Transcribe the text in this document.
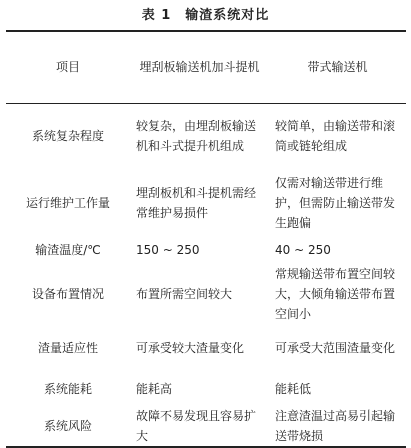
表 1 输渣系统对比
项目	埋刮板输送机加斗提机	带式输送机
系统复杂程度	较复杂，由埋刮板输送机和斗式提升机组成	较简单，由输送带和滚筒或链轮组成
运行维护工作量	埋刮板机和斗提机需经常维护易损件	仅需对输送带进行维护，但需防止输送带发生跑偏
输渣温度/℃	150 ~ 250	40 ~ 250
设备布置情况	布置所需空间较大	常规输送带布置空间较大，大倾角输送带布置空间小
渣量适应性	可承受较大渣量变化	可承受大范围渣量变化
系统能耗	能耗高	能耗低
系统风险	故障不易发现且容易扩大	注意渣温过高易引起输送带烧损
